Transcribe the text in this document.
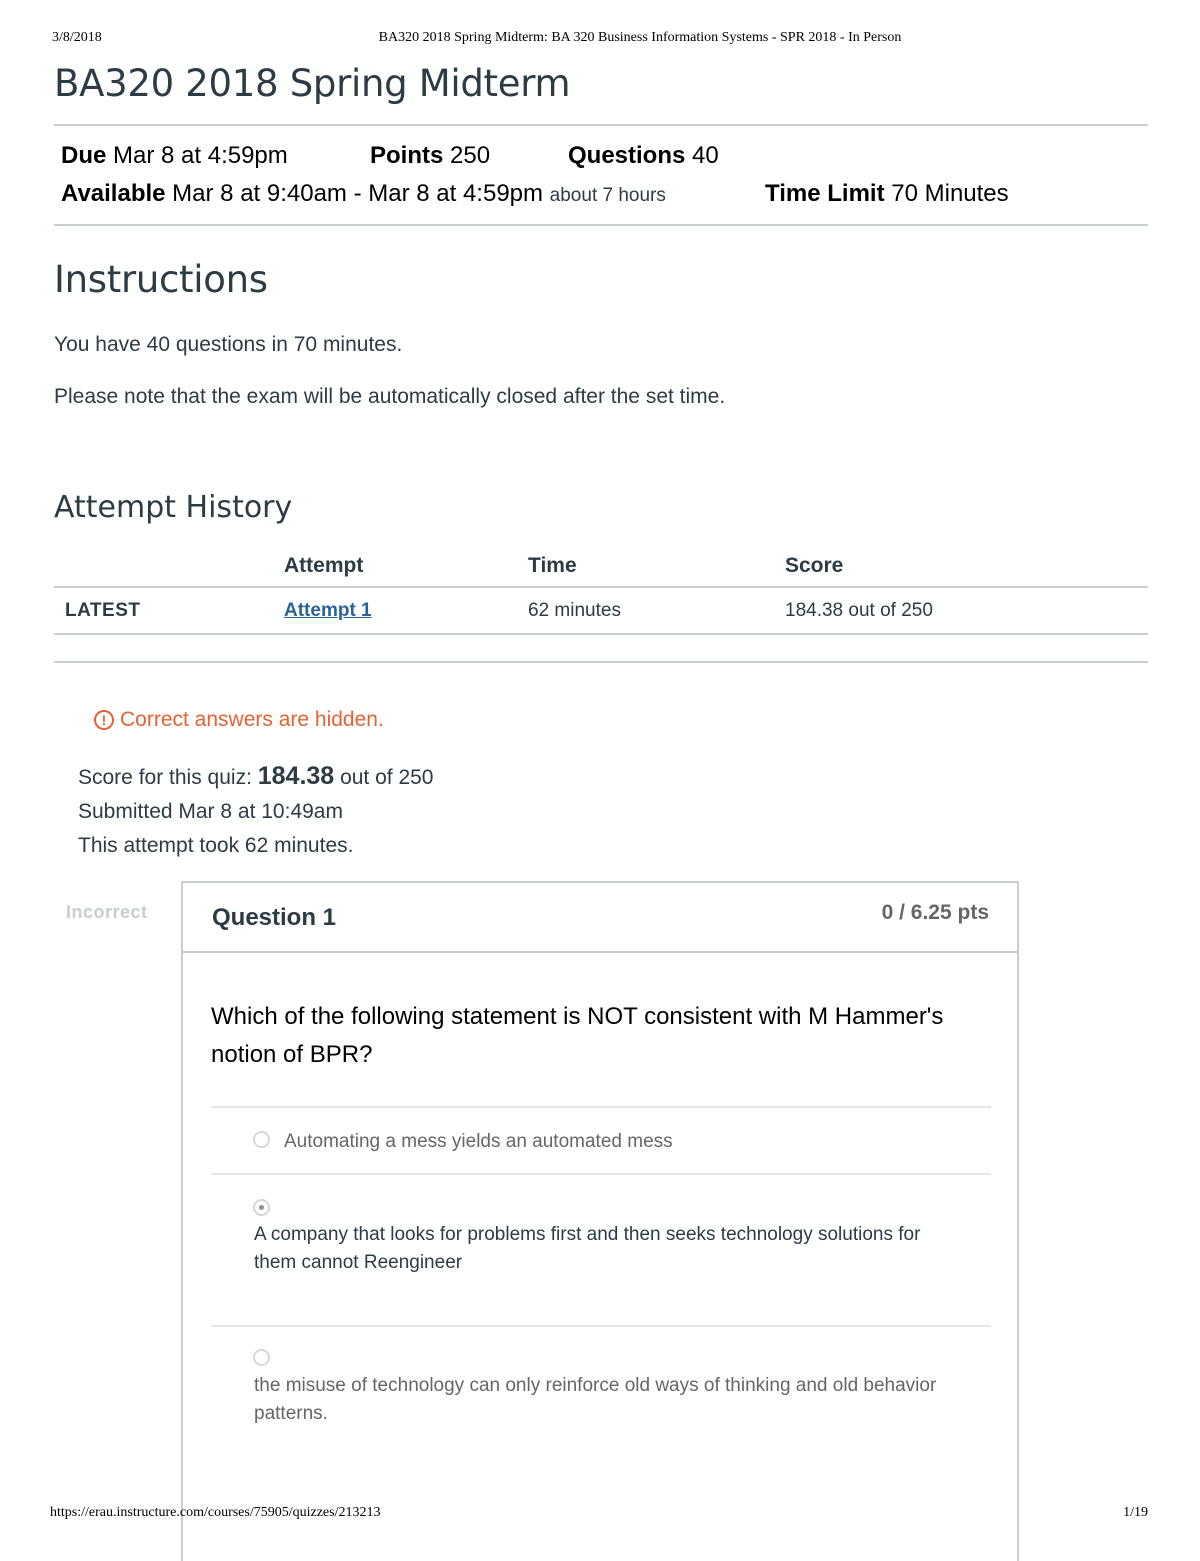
3/8/2018	BA320 2018 Spring Midterm: BA 320 Business Information Systems - SPR 2018 - In Person
BA320 2018 Spring Midterm
Due Mar 8 at 4:59pm	Points 250	Questions 40
Available Mar 8 at 9:40am - Mar 8 at 4:59pm about 7 hours	Time Limit 70 Minutes
Instructions
You have 40 questions in 70 minutes.
Please note that the exam will be automatically closed after the set time.
Attempt History
	Attempt	Time	Score
LATEST	Attempt 1	62 minutes	184.38 out of 250
! Correct answers are hidden.
Score for this quiz: 184.38 out of 250
Submitted Mar 8 at 10:49am
This attempt took 62 minutes.
Incorrect	Question 1	0 / 6.25 pts
Which of the following statement is NOT consistent with M Hammer's notion of BPR?
Automating a mess yields an automated mess
A company that looks for problems first and then seeks technology solutions for them cannot Reengineer
the misuse of technology can only reinforce old ways of thinking and old behavior patterns.
https://erau.instructure.com/courses/75905/quizzes/213213	1/19
